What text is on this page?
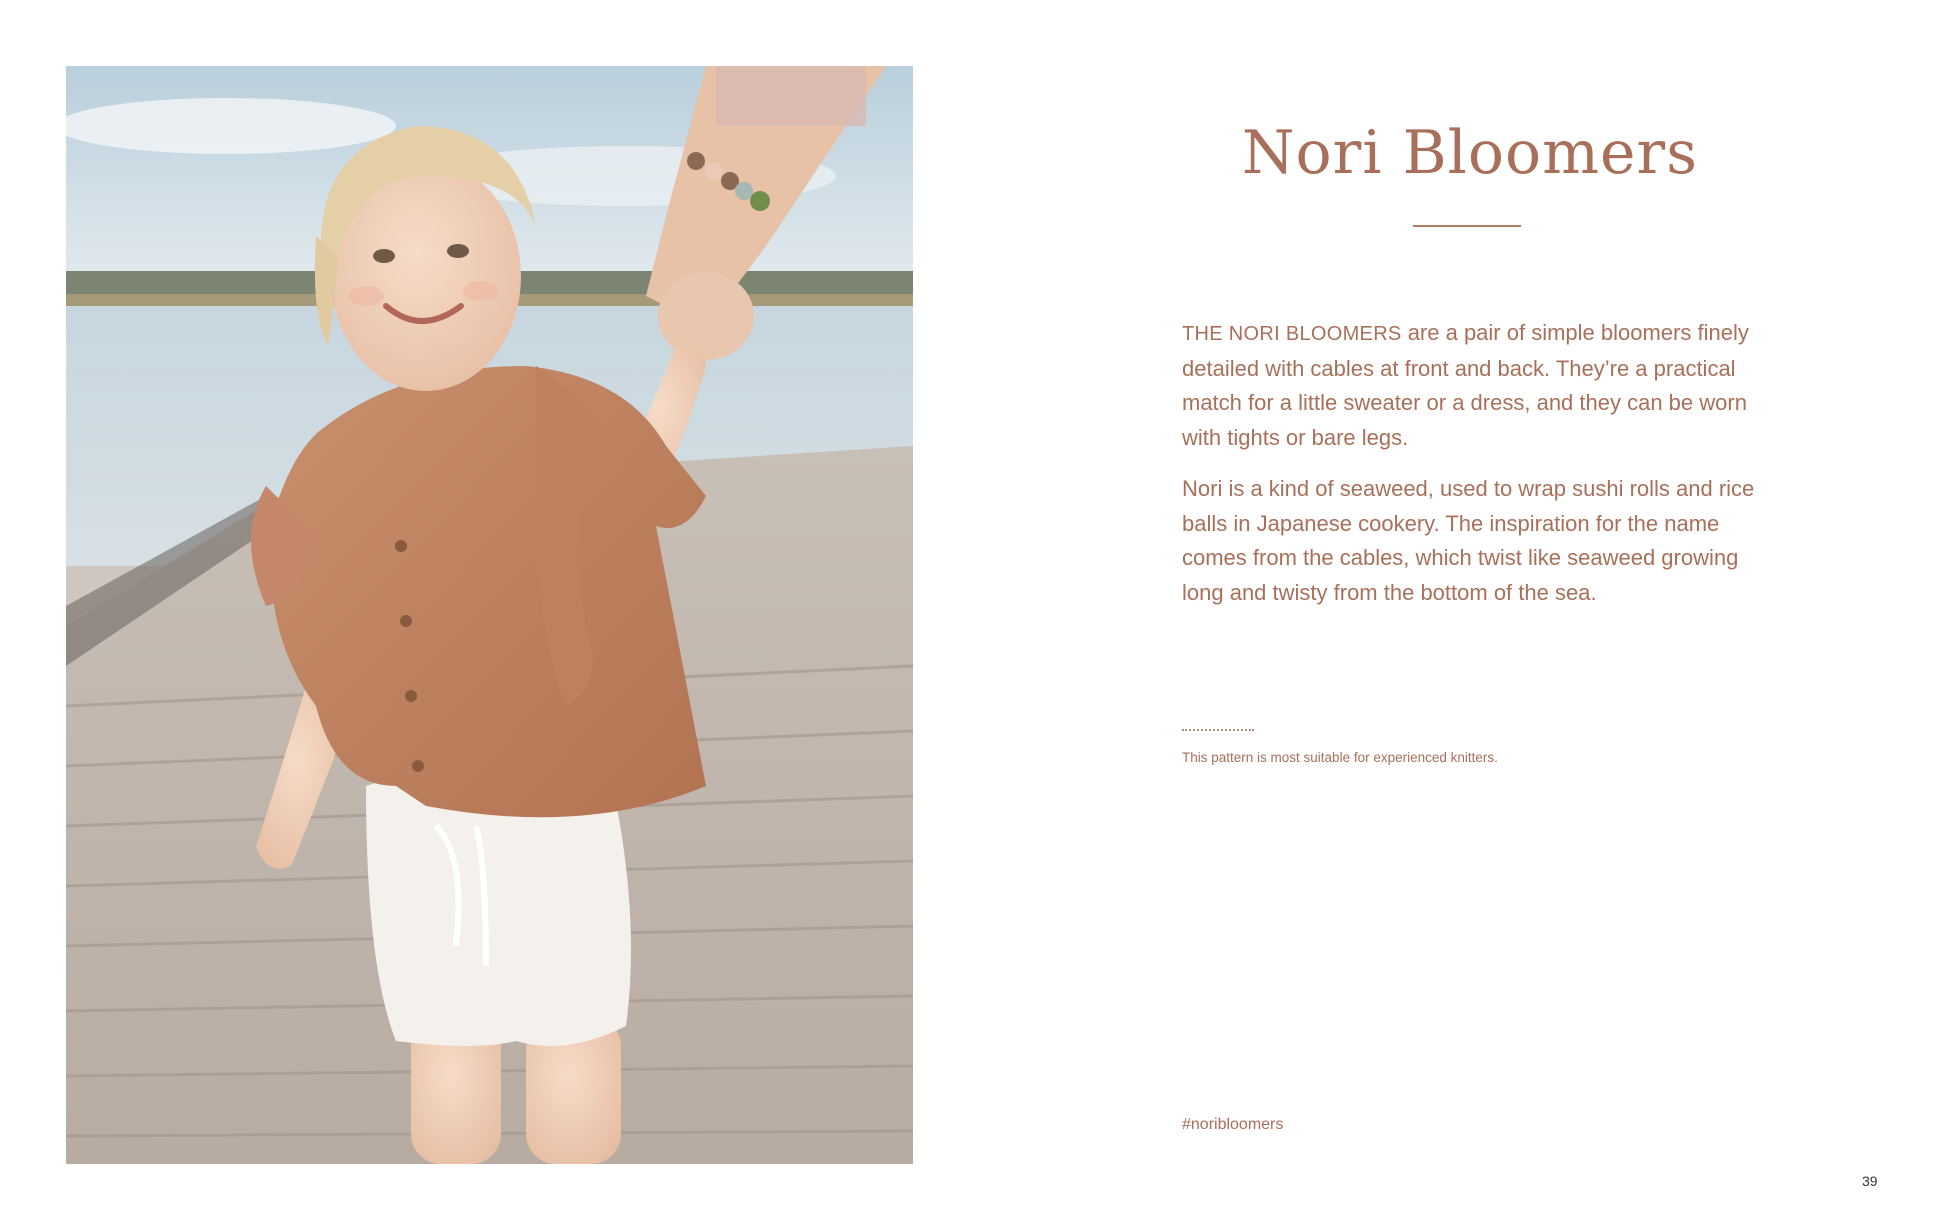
Nori Bloomers

THE NORI BLOOMERS are a pair of simple bloomers finely detailed with cables at front and back. They’re a practical match for a little sweater or a dress, and they can be worn with tights or bare legs.

Nori is a kind of seaweed, used to wrap sushi rolls and rice balls in Japanese cookery. The inspiration for the name comes from the cables, which twist like seaweed growing long and twisty from the bottom of the sea.

This pattern is most suitable for experienced knitters.
#noribloomers
39
